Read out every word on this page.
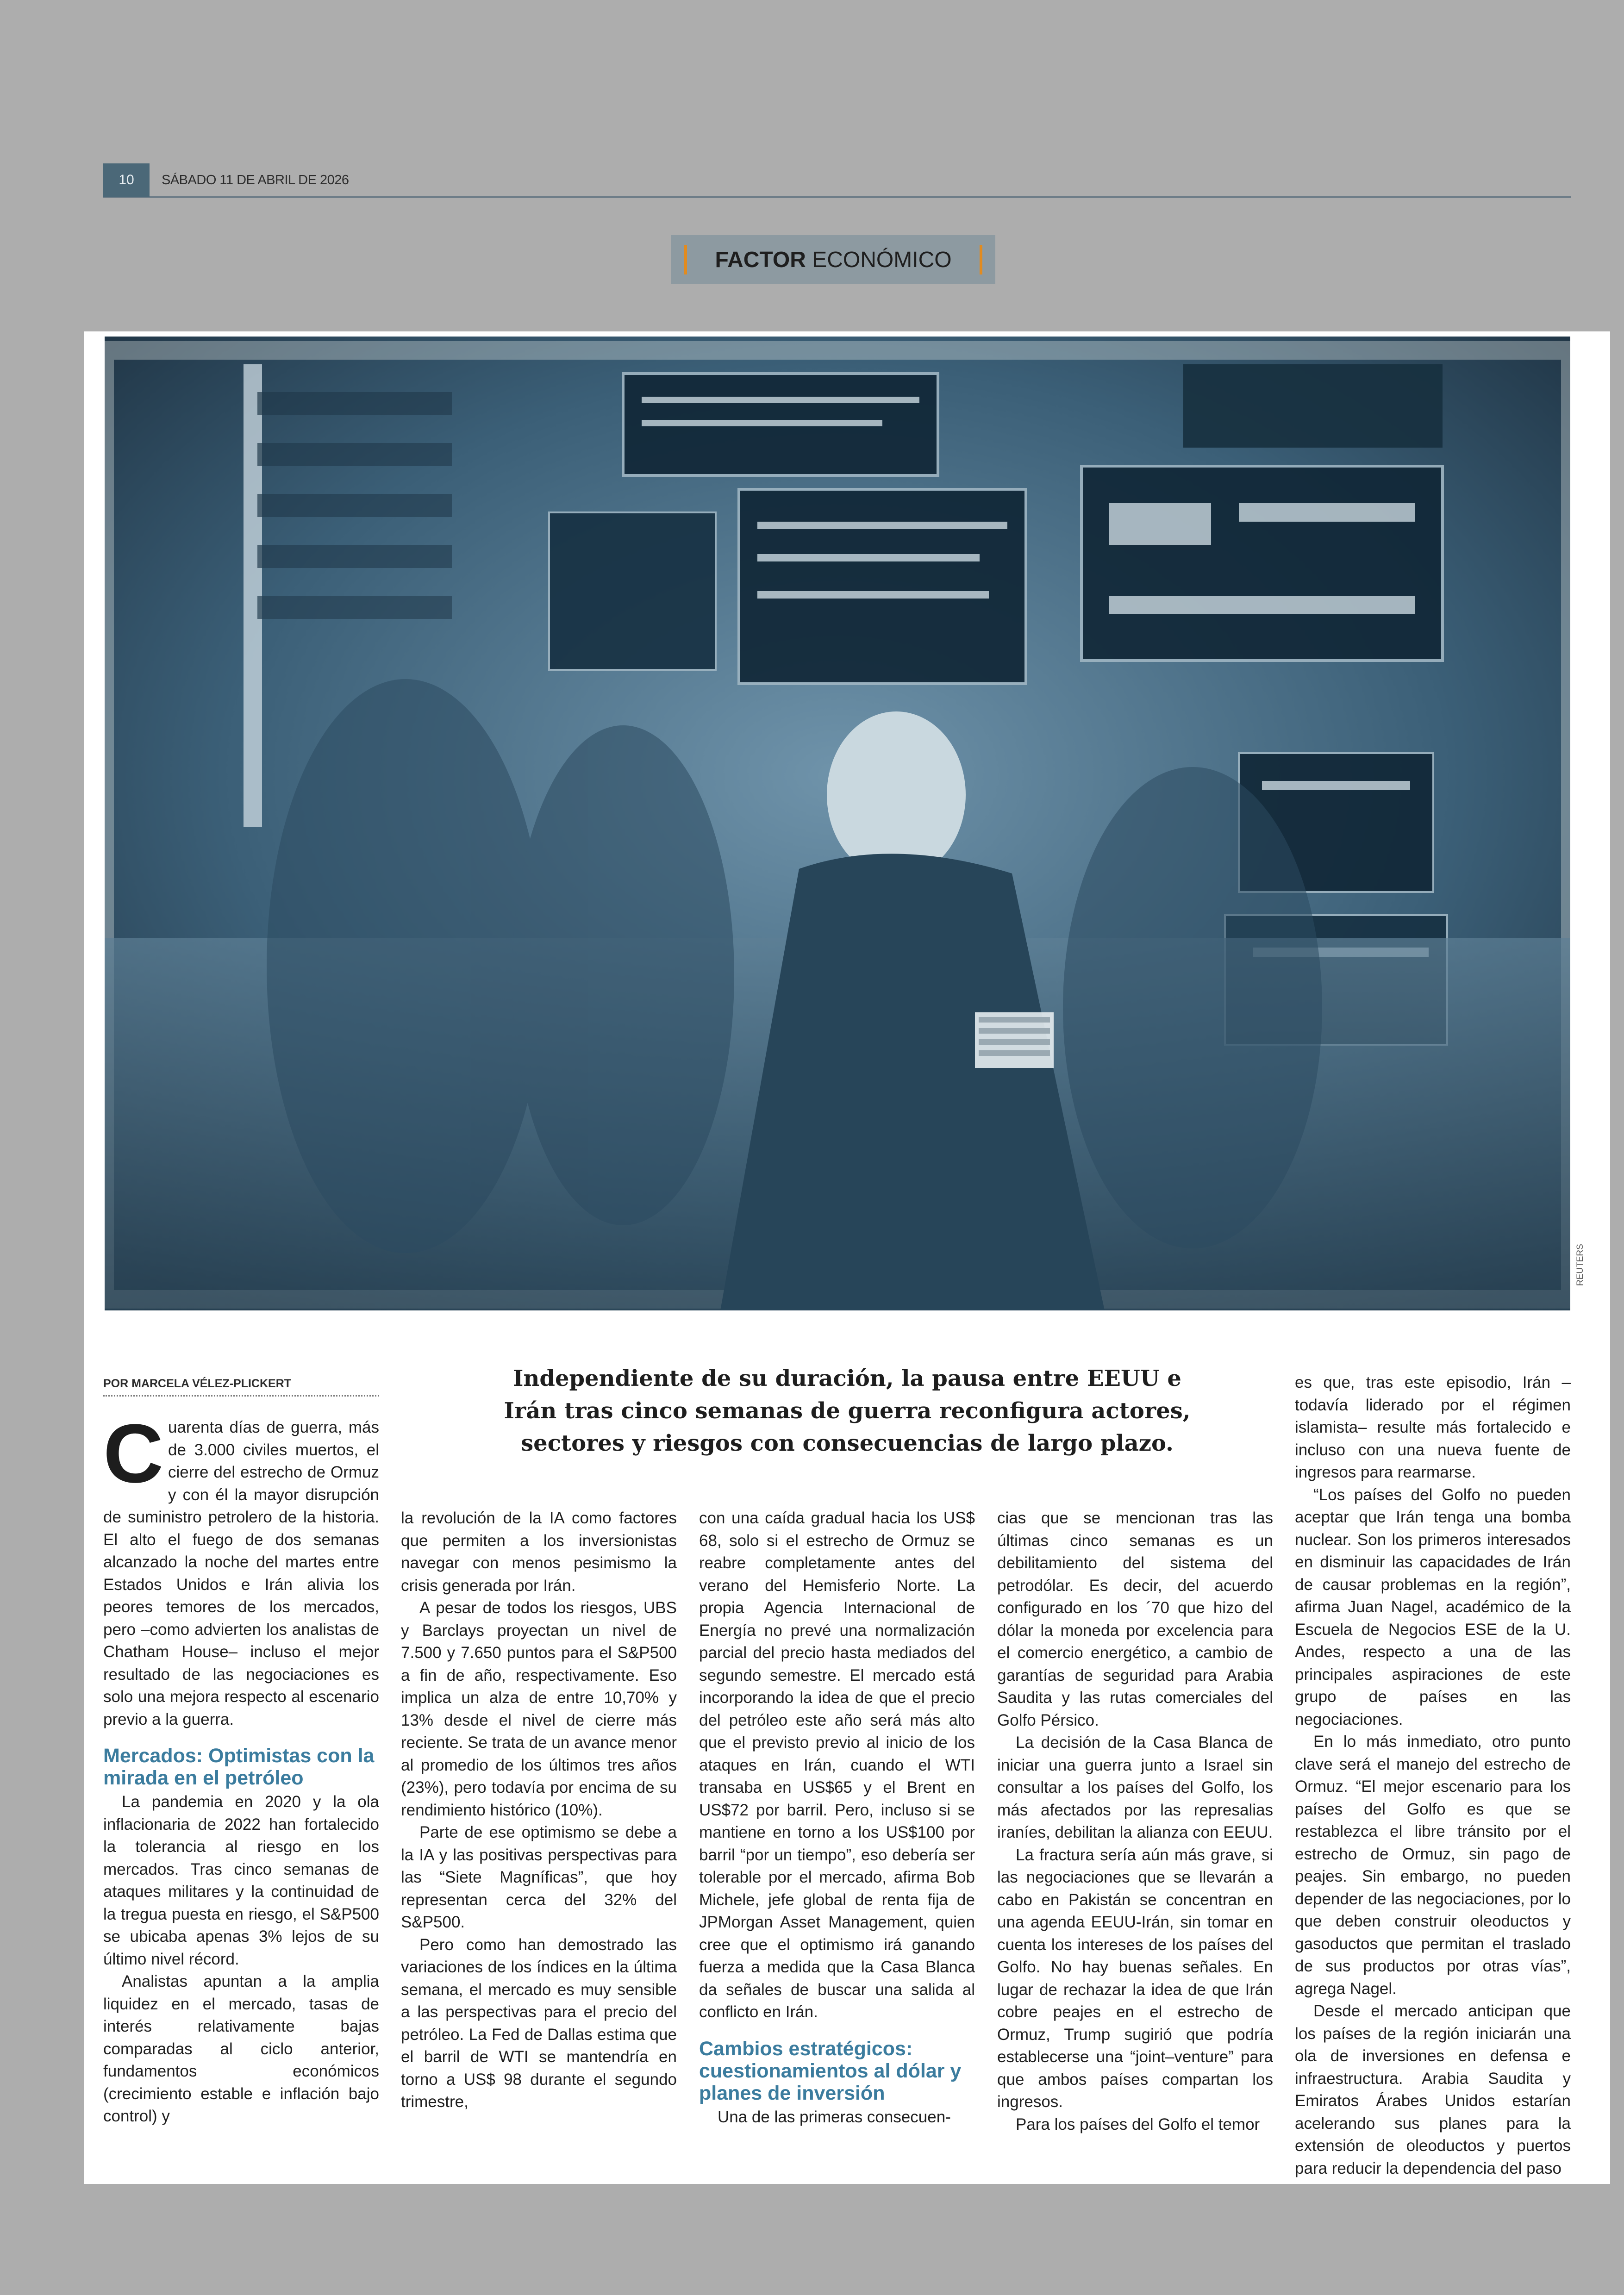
10	SÁBADO 11 DE ABRIL DE 2026
FACTOR ECONÓMICO
REUTERS
POR MARCELA VÉLEZ-PLICKERT	Independiente de su duración, la pausa entre EEUU e Irán tras cinco semanas de guerra reconfigura actores, sectores y riesgos con consecuencias de largo plazo.
C uarenta días de guerra, más de 3.000 civiles muertos, el cierre del estrecho de Ormuz y con él la mayor disrupción de suministro petrolero de la historia. El alto el fuego de dos semanas alcanzado la noche del martes entre Estados Unidos e Irán alivia los peores temores de los mercados, pero –como advierten los analistas de Chatham House– incluso el mejor resultado de las negociaciones es solo una mejora respecto al escenario previo a la guerra.

Mercados: Optimistas con la mirada en el petróleo

La pandemia en 2020 y la ola inflacionaria de 2022 han fortalecido la tolerancia al riesgo en los mercados. Tras cinco semanas de ataques militares y la continuidad de la tregua puesta en riesgo, el S&P500 se ubicaba apenas 3% lejos de su último nivel récord.

Analistas apuntan a la amplia liquidez en el mercado, tasas de interés relativamente bajas comparadas al ciclo anterior, fundamentos económicos (crecimiento estable e inflación bajo control) y

la revolución de la IA como factores que permiten a los inversionistas navegar con menos pesimismo la crisis generada por Irán.

A pesar de todos los riesgos, UBS y Barclays proyectan un nivel de 7.500 y 7.650 puntos para el S&P500 a fin de año, respectivamente. Eso implica un alza de entre 10,70% y 13% desde el nivel de cierre más reciente. Se trata de un avance menor al promedio de los últimos tres años (23%), pero todavía por encima de su rendimiento histórico (10%).

Parte de ese optimismo se debe a la IA y las positivas perspectivas para las “Siete Magníficas”, que hoy representan cerca del 32% del S&P500.

Pero como han demostrado las variaciones de los índices en la última semana, el mercado es muy sensible a las perspectivas para el precio del petróleo. La Fed de Dallas estima que el barril de WTI se mantendría en torno a US$ 98 durante el segundo trimestre,

con una caída gradual hacia los US$ 68, solo si el estrecho de Ormuz se reabre completamente antes del verano del Hemisferio Norte. La propia Agencia Internacional de Energía no prevé una normalización parcial del precio hasta mediados del segundo semestre. El mercado está incorporando la idea de que el precio del petróleo este año será más alto que el previsto previo al inicio de los ataques en Irán, cuando el WTI transaba en US$65 y el Brent en US$72 por barril. Pero, incluso si se mantiene en torno a los US$100 por barril “por un tiempo”, eso debería ser tolerable por el mercado, afirma Bob Michele, jefe global de renta fija de JPMorgan Asset Management, quien cree que el optimismo irá ganando fuerza a medida que la Casa Blanca da señales de buscar una salida al conflicto en Irán.

Cambios estratégicos: cuestionamientos al dólar y planes de inversión

Una de las primeras consecuen-

cias que se mencionan tras las últimas cinco semanas es un debilitamiento del sistema del petrodólar. Es decir, del acuerdo configurado en los ´70 que hizo del dólar la moneda por excelencia para el comercio energético, a cambio de garantías de seguridad para Arabia Saudita y las rutas comerciales del Golfo Pérsico.

La decisión de la Casa Blanca de iniciar una guerra junto a Israel sin consultar a los países del Golfo, los más afectados por las represalias iraníes, debilitan la alianza con EEUU.

La fractura sería aún más grave, si las negociaciones que se llevarán a cabo en Pakistán se concentran en una agenda EEUU-Irán, sin tomar en cuenta los intereses de los países del Golfo. No hay buenas señales. En lugar de rechazar la idea de que Irán cobre peajes en el estrecho de Ormuz, Trump sugirió que podría establecerse una “joint–venture” para que ambos países compartan los ingresos.

Para los países del Golfo el temor

es que, tras este episodio, Irán –todavía liderado por el régimen islamista– resulte más fortalecido e incluso con una nueva fuente de ingresos para rearmarse.

“Los países del Golfo no pueden aceptar que Irán tenga una bomba nuclear. Son los primeros interesados en disminuir las capacidades de Irán de causar problemas en la región”, afirma Juan Nagel, académico de la Escuela de Negocios ESE de la U. Andes, respecto a una de las principales aspiraciones de este grupo de países en las negociaciones.

En lo más inmediato, otro punto clave será el manejo del estrecho de Ormuz. “El mejor escenario para los países del Golfo es que se restablezca el libre tránsito por el estrecho de Ormuz, sin pago de peajes. Sin embargo, no pueden depender de las negociaciones, por lo que deben construir oleoductos y gasoductos que permitan el traslado de sus productos por otras vías”, agrega Nagel.

Desde el mercado anticipan que los países de la región iniciarán una ola de inversiones en defensa e infraestructura. Arabia Saudita y Emiratos Árabes Unidos estarían acelerando sus planes para la extensión de oleoductos y puertos para reducir la dependencia del paso
